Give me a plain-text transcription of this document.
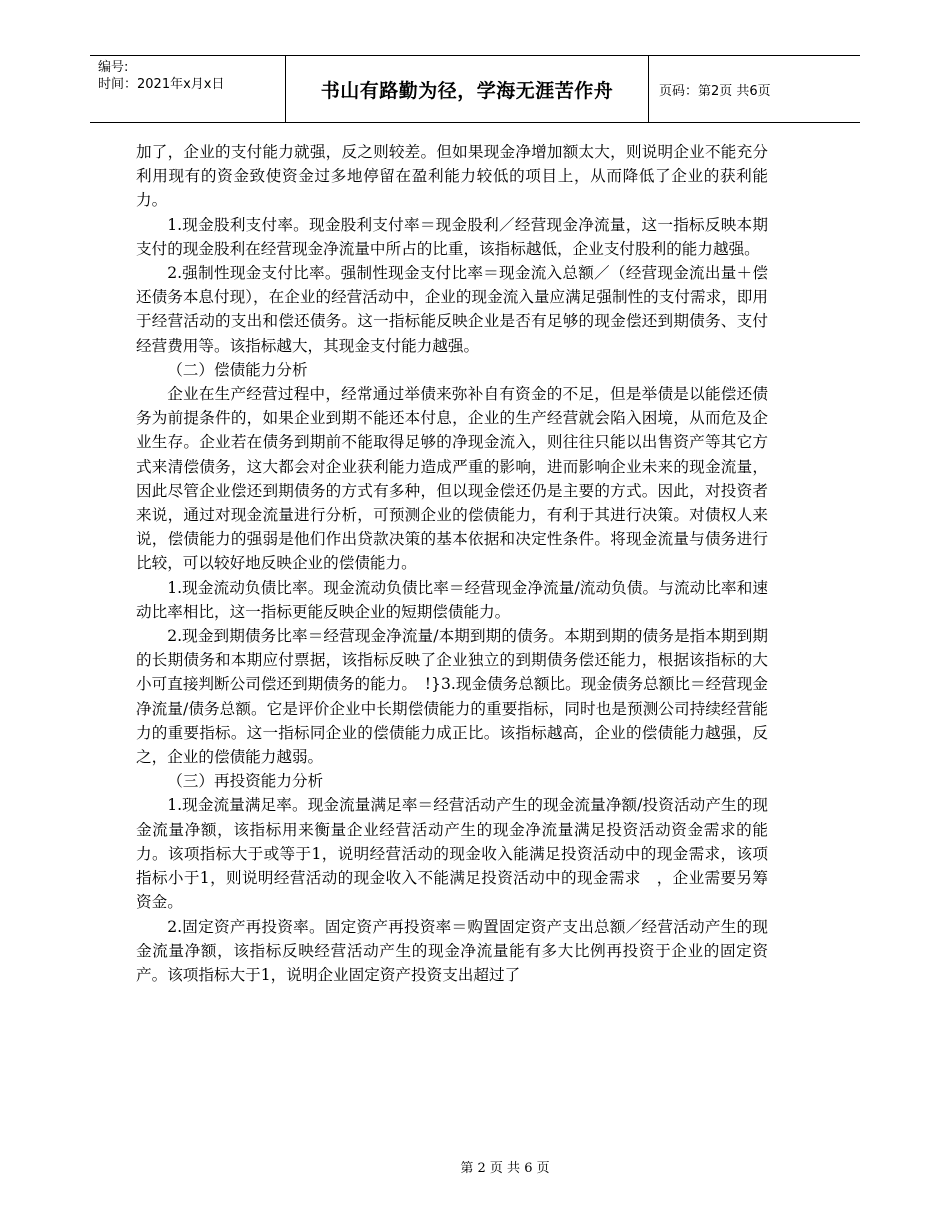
编号:
时间：2021年x月x日	书山有路勤为径，学海无涯苦作舟	页码：第2页 共6页

加了，企业的支付能力就强，反之则较差。但如果现金净增加额太大，则说明企业不能充分利用现有的资金致使资金过多地停留在盈利能力较低的项目上，从而降低了企业的获利能力。

1.现金股利支付率。现金股利支付率＝现金股利／经营现金净流量，这一指标反映本期支付的现金股利在经营现金净流量中所占的比重，该指标越低，企业支付股利的能力越强。

2.强制性现金支付比率。强制性现金支付比率＝现金流入总额／（经营现金流出量＋偿还债务本息付现），在企业的经营活动中，企业的现金流入量应满足强制性的支付需求，即用于经营活动的支出和偿还债务。这一指标能反映企业是否有足够的现金偿还到期债务、支付经营费用等。该指标越大，其现金支付能力越强。

（二）偿债能力分析

企业在生产经营过程中，经常通过举债来弥补自有资金的不足，但是举债是以能偿还债务为前提条件的，如果企业到期不能还本付息，企业的生产经营就会陷入困境，从而危及企业生存。企业若在债务到期前不能取得足够的净现金流入，则往往只能以出售资产等其它方式来清偿债务，这大都会对企业获利能力造成严重的影响，进而影响企业未来的现金流量，因此尽管企业偿还到期债务的方式有多种，但以现金偿还仍是主要的方式。因此，对投资者来说，通过对现金流量进行分析，可预测企业的偿债能力，有利于其进行决策。对债权人来说，偿债能力的强弱是他们作出贷款决策的基本依据和决定性条件。将现金流量与债务进行比较，可以较好地反映企业的偿债能力。

1.现金流动负债比率。现金流动负债比率＝经营现金净流量/流动负债。与流动比率和速动比率相比，这一指标更能反映企业的短期偿债能力。

2.现金到期债务比率＝经营现金净流量/本期到期的债务。本期到期的债务是指本期到期的长期债务和本期应付票据，该指标反映了企业独立的到期债务偿还能力，根据该指标的大小可直接判断公司偿还到期债务的能力。　!}3.现金债务总额比。现金债务总额比＝经营现金净流量/债务总额。它是评价企业中长期偿债能力的重要指标，同时也是预测公司持续经营能力的重要指标。这一指标同企业的偿债能力成正比。该指标越高，企业的偿债能力越强，反之，企业的偿债能力越弱。

（三）再投资能力分析

1.现金流量满足率。现金流量满足率＝经营活动产生的现金流量净额/投资活动产生的现金流量净额，该指标用来衡量企业经营活动产生的现金净流量满足投资活动资金需求的能力。该项指标大于或等于1，说明经营活动的现金收入能满足投资活动中的现金需求，该项指标小于1，则说明经营活动的现金收入不能满足投资活动中的现金需求　，企业需要另筹资金。

2.固定资产再投资率。固定资产再投资率＝购置固定资产支出总额／经营活动产生的现金流量净额，该指标反映经营活动产生的现金净流量能有多大比例再投资于企业的固定资产。该项指标大于1，说明企业固定资产投资支出超过了

第 2 页 共 6 页
